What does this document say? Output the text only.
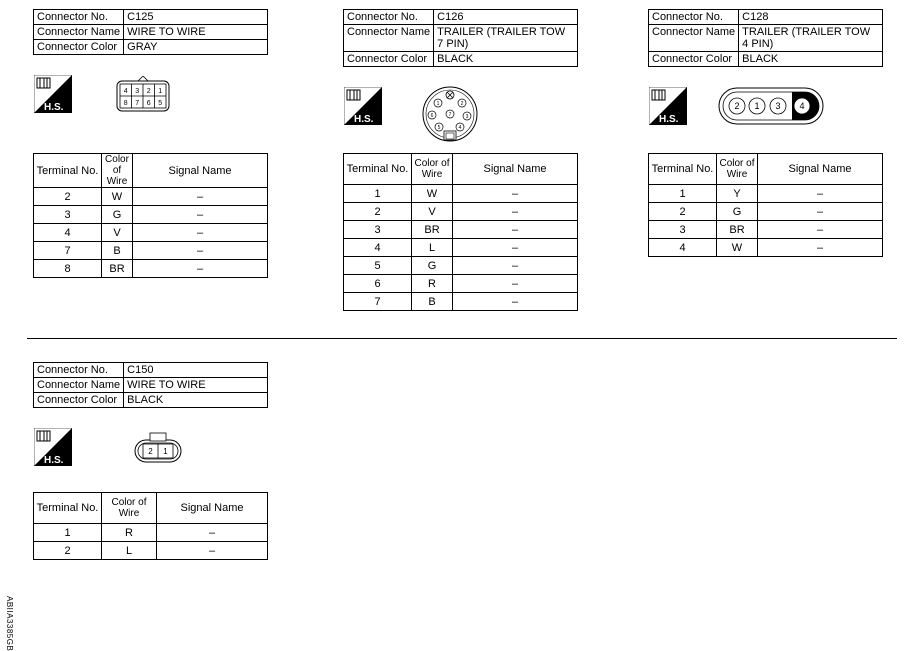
Connector No.	C125
Connector Name	WIRE TO WIRE
Connector Color	GRAY
H.S.
4 3 2 1
8 7 6 5
Terminal No.	Color of Wire	Signal Name
2	W	–
3	G	–
4	V	–
7	B	–
8	BR	–
Connector No.	C126
Connector Name	TRAILER (TRAILER TOW 7 PIN)
Connector Color	BLACK
H.S.
1	2
3
4
5
6	7
Terminal No.	Color of Wire	Signal Name
1	W	–
2	V	–
3	BR	–
4	L	–
5	G	–
6	R	–
7	B	–
Connector No.	C128
Connector Name	TRAILER (TRAILER TOW 4 PIN)
Connector Color	BLACK
H.S.
2 1 3 4
Terminal No.	Color of Wire	Signal Name
1	Y	–
2	G	–
3	BR	–
4	W	–
Connector No.	C150
Connector Name	WIRE TO WIRE
Connector Color	BLACK
H.S.
2 1
Terminal No.	Color of Wire	Signal Name
1	R	–
2	L	–
ABIIA3385GB
